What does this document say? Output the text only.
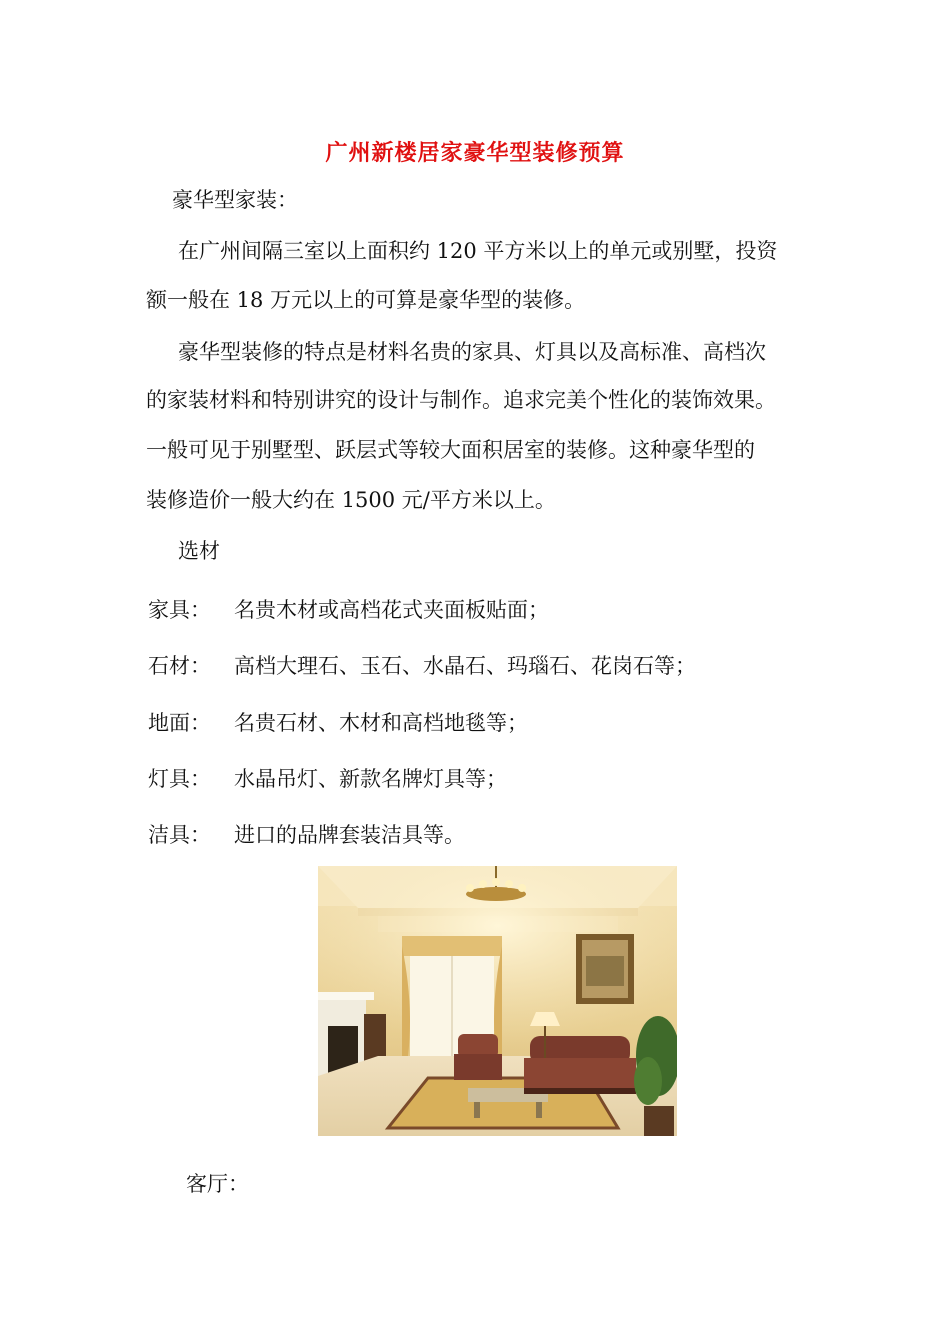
广州新楼居家豪华型装修预算
豪华型家装：
在广州间隔三室以上面积约 120 平方米以上的单元或别墅，投资
额一般在 18 万元以上的可算是豪华型的装修。
豪华型装修的特点是材料名贵的家具、灯具以及高标准、高档次
的家装材料和特别讲究的设计与制作。追求完美个性化的装饰效果。
一般可见于别墅型、跃层式等较大面积居室的装修。这种豪华型的
装修造价一般大约在 1500 元/平方米以上。
选材
家具： 名贵木材或高档花式夹面板贴面；
石材： 高档大理石、玉石、水晶石、玛瑙石、花岗石等；
地面： 名贵石材、木材和高档地毯等；
灯具： 水晶吊灯、新款名牌灯具等；
洁具： 进口的品牌套装洁具等。
客厅：
